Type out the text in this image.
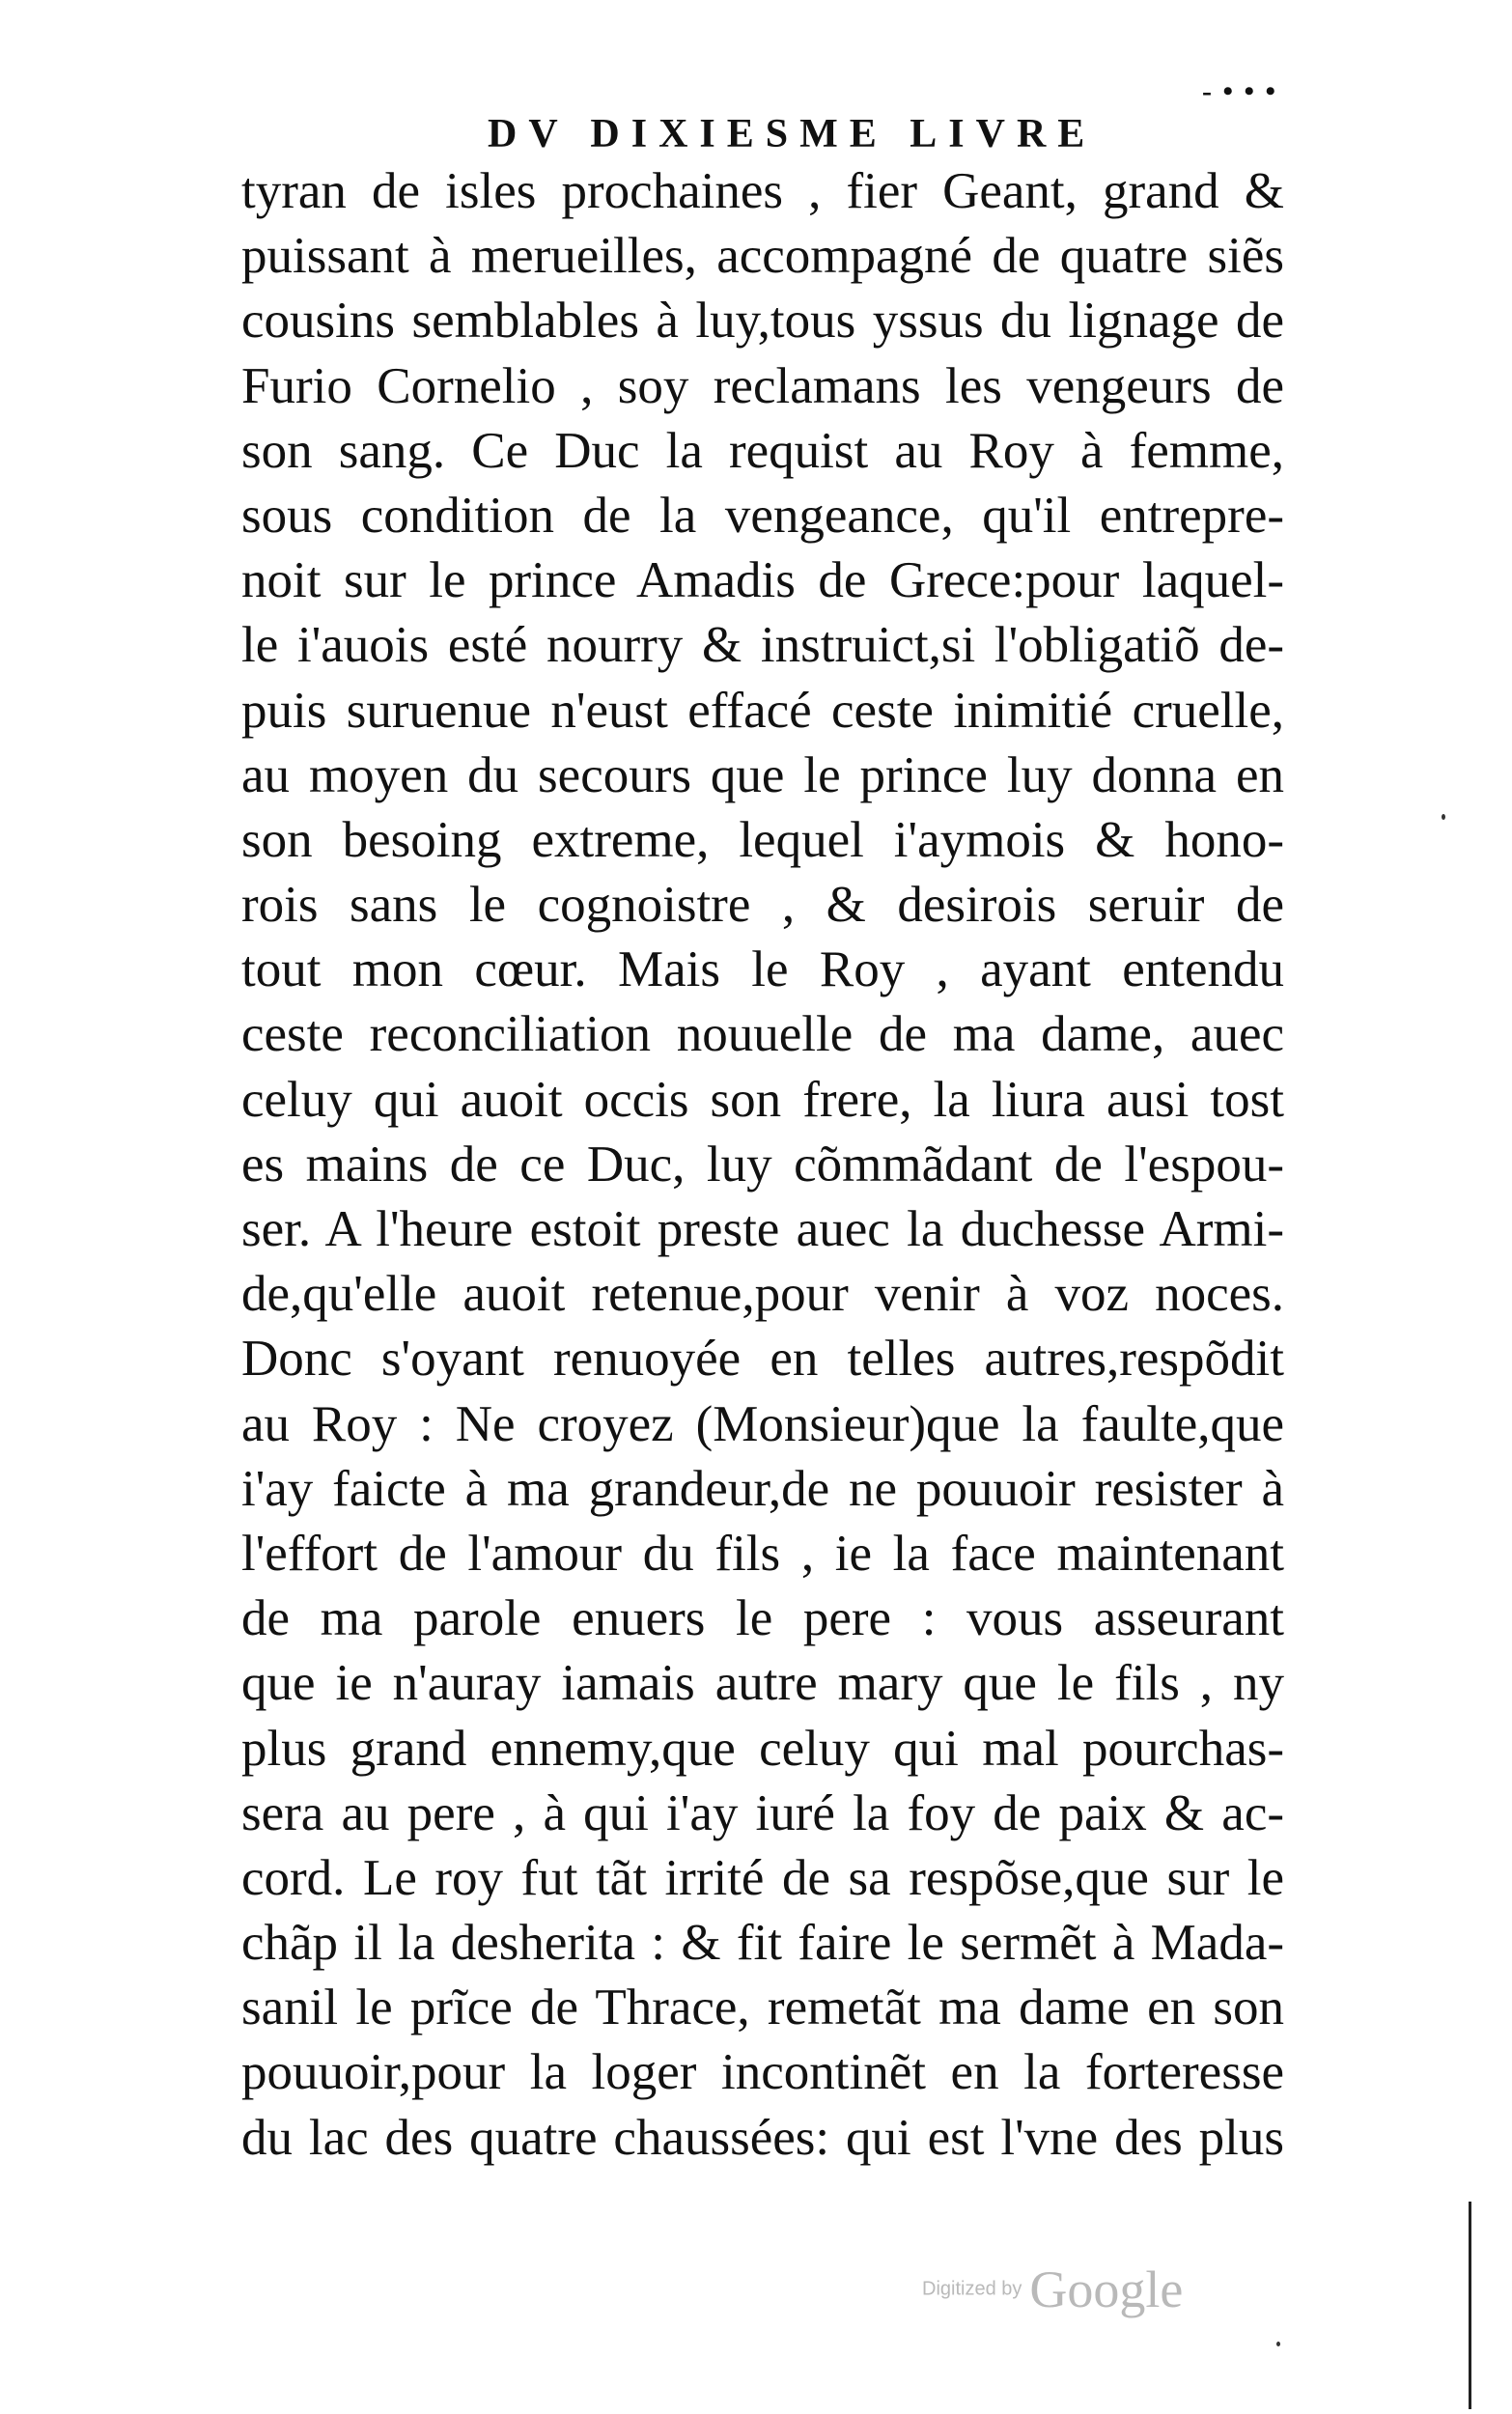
- • • •
DV DIXIESME LIVRE
tyran de isles prochaines , fier Geant, grand &
puissant à merueilles, accompagné de quatre siẽs
cousins semblables à luy,tous yssus du lignage de
Furio Cornelio , soy reclamans les vengeurs de
son sang. Ce Duc la requist au Roy à femme,
sous condition de la vengeance, qu'il entrepre-
noit sur le prince Amadis de Grece:pour laquel-
le i'auois esté nourry & instruict,si l'obligatiõ de-
puis suruenue n'eust effacé ceste inimitié cruelle,
au moyen du secours que le prince luy donna en
son besoing extreme, lequel i'aymois & hono-
rois sans le cognoistre , & desirois seruir de
tout mon cœur. Mais le Roy , ayant entendu
ceste reconciliation nouuelle de ma dame, auec
celuy qui auoit occis son frere, la liura ausi tost
es mains de ce Duc, luy cõmmãdant de l'espou-
ser. A l'heure estoit preste auec la duchesse Armi-
de,qu'elle auoit retenue,pour venir à voz noces.
Donc s'oyant renuoyée en telles autres,respõdit
au Roy : Ne croyez (Monsieur)que la faulte,que
i'ay faicte à ma grandeur,de ne pouuoir resister à
l'effort de l'amour du fils , ie la face maintenant
de ma parole enuers le pere : vous asseurant
que ie n'auray iamais autre mary que le fils , ny
plus grand ennemy,que celuy qui mal pourchas-
sera au pere , à qui i'ay iuré la foy de paix & ac-
cord. Le roy fut tãt irrité de sa respõse,que sur le
chãp il la desherita : & fit faire le sermẽt à Mada-
sanil le prĩce de Thrace, remetãt ma dame en son
pouuoir,pour la loger incontinẽt en la forteresse
du lac des quatre chaussées: qui est l'vne des plus
Digitized by Google
